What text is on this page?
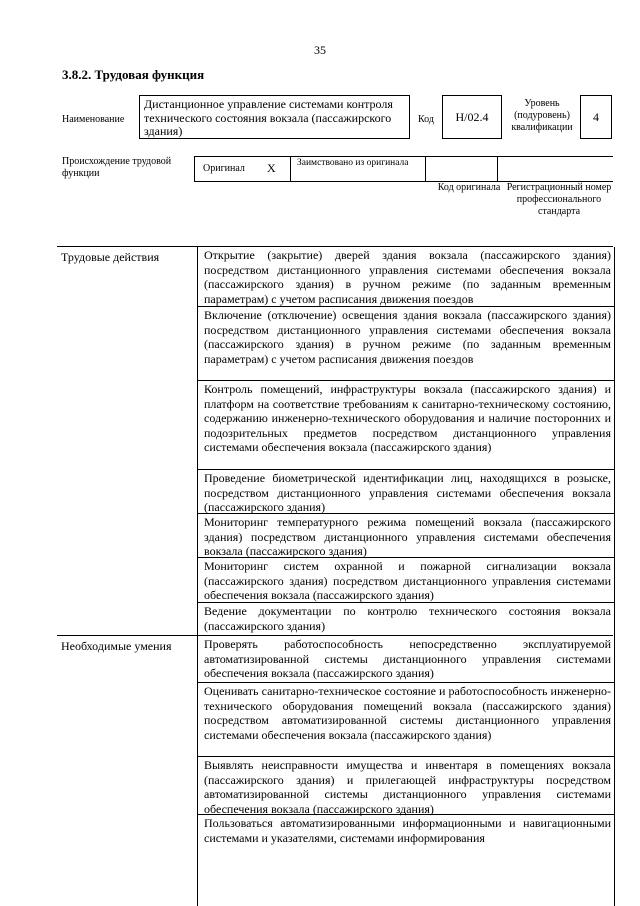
35
3.8.2. Трудовая функция
Наименование
Дистанционное управление системами контроля технического состояния вокзала (пассажирского здания)
Код	Н/02.4
Уровень (подуровень) квалификации
4
Происхождение трудовой функции	Оригинал X	Заимствовано из оригинала
Код оригинала Регистрационный номер профессионального стандарта
Трудовые действия	Открытие (закрытие) дверей здания вокзала (пассажирского здания) посредством дистанционного управления системами обеспечения вокзала (пассажирского здания) в ручном режиме (по заданным временным параметрам) с учетом расписания движения поездов
Включение (отключение) освещения здания вокзала (пассажирского здания) посредством дистанционного управления системами обеспечения вокзала (пассажирского здания) в ручном режиме (по заданным временным параметрам) с учетом расписания движения поездов
Контроль помещений, инфраструктуры вокзала (пассажирского здания) и платформ на соответствие требованиям к санитарно-техническому состоянию, содержанию инженерно-технического оборудования и наличие посторонних и подозрительных предметов посредством дистанционного управления системами обеспечения вокзала (пассажирского здания)
Проведение биометрической идентификации лиц, находящихся в розыске, посредством дистанционного управления системами обеспечения вокзала (пассажирского здания)
Мониторинг температурного режима помещений вокзала (пассажирского здания) посредством дистанционного управления системами обеспечения вокзала (пассажирского здания)
Мониторинг систем охранной и пожарной сигнализации вокзала (пассажирского здания) посредством дистанционного управления системами обеспечения вокзала (пассажирского здания)
Ведение документации по контролю технического состояния вокзала (пассажирского здания)
Необходимые умения	Проверять работоспособность непосредственно эксплуатируемой автоматизированной системы дистанционного управления системами обеспечения вокзала (пассажирского здания)
Оценивать санитарно-техническое состояние и работоспособность инженерно-технического оборудования помещений вокзала (пассажирского здания) посредством автоматизированной системы дистанционного управления системами обеспечения вокзала (пассажирского здания)
Выявлять неисправности имущества и инвентаря в помещениях вокзала (пассажирского здания) и прилегающей инфраструктуры посредством автоматизированной системы дистанционного управления системами обеспечения вокзала (пассажирского здания)
Пользоваться автоматизированными информационными и навигационными системами и указателями, системами информирования
